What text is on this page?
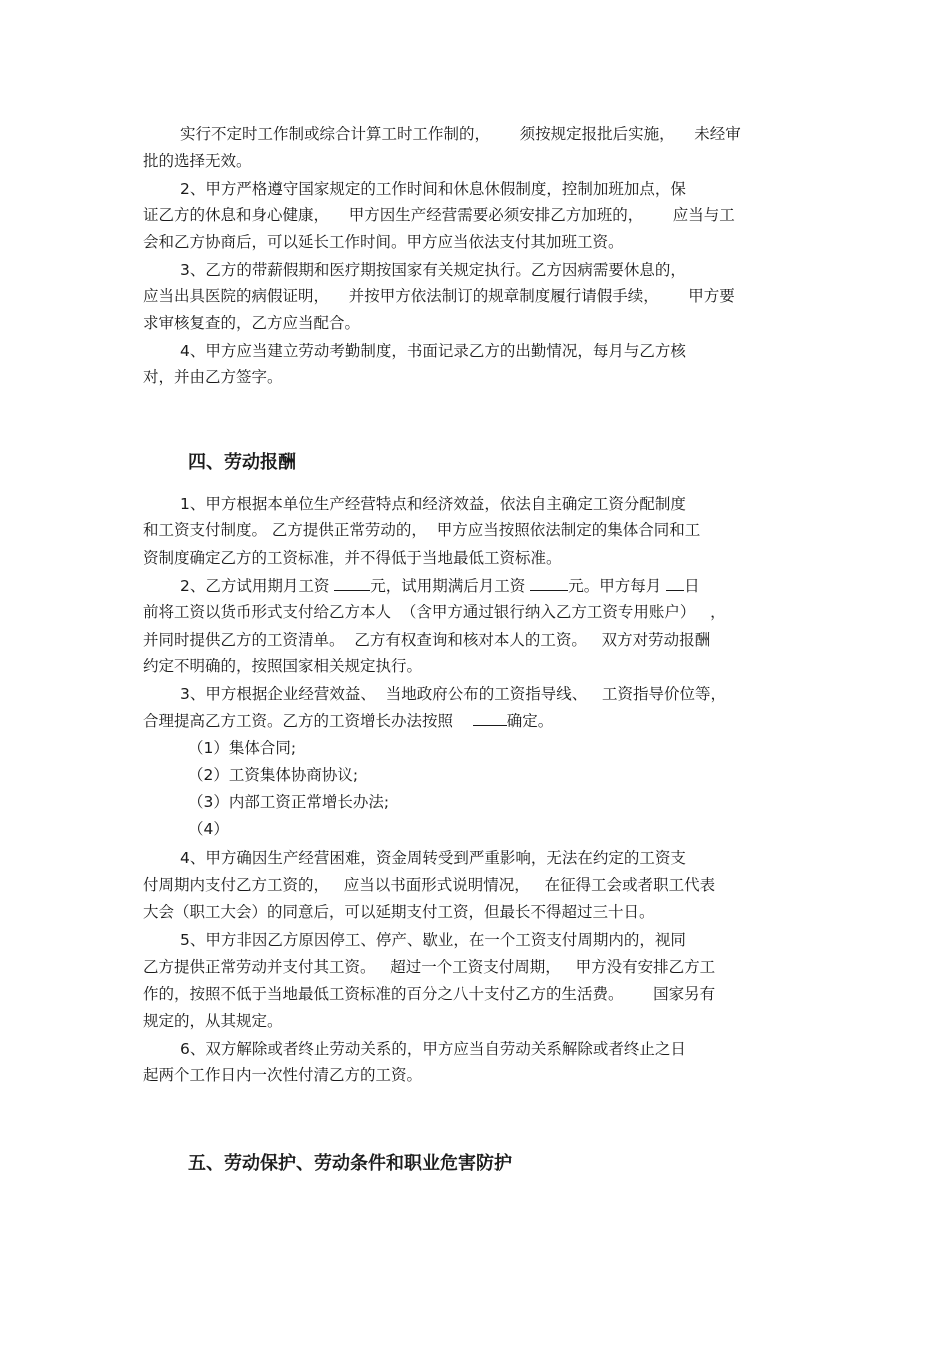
实行不定时工作制或综合计算工时工作制的，      须按规定报批后实施，    未经审

批的选择无效。

2、甲方严格遵守国家规定的工作时间和休息休假制度，控制加班加点，保

证乙方的休息和身心健康，    甲方因生产经营需要必须安排乙方加班的，      应当与工

会和乙方协商后，可以延长工作时间。甲方应当依法支付其加班工资。

3、乙方的带薪假期和医疗期按国家有关规定执行。乙方因病需要休息的，

应当出具医院的病假证明，    并按甲方依法制订的规章制度履行请假手续，      甲方要

求审核复查的，乙方应当配合。

4、甲方应当建立劳动考勤制度，书面记录乙方的出勤情况，每月与乙方核

对，并由乙方签字。

四、劳动报酬

1、甲方根据本单位生产经营特点和经济效益，依法自主确定工资分配制度

和工资支付制度。 乙方提供正常劳动的，  甲方应当按照依法制定的集体合同和工

资制度确定乙方的工资标准，并不得低于当地最低工资标准。

2、乙方试用期月工资 元，试用期满后月工资 元。甲方每月 日

前将工资以货币形式支付给乙方本人  （含甲方通过银行纳入乙方工资专用账户）   ，

并同时提供乙方的工资清单。  乙方有权查询和核对本人的工资。   双方对劳动报酬

约定不明确的，按照国家相关规定执行。

3、甲方根据企业经营效益、  当地政府公布的工资指导线、   工资指导价位等，

合理提高乙方工资。乙方的工资增长办法按照    确定。

（1）集体合同;

（2）工资集体协商协议;

（3）内部工资正常增长办法;

（4）

4、甲方确因生产经营困难，资金周转受到严重影响，无法在约定的工资支

付周期内支付乙方工资的，   应当以书面形式说明情况，   在征得工会或者职工代表

大会（职工大会）的同意后，可以延期支付工资，但最长不得超过三十日。

5、甲方非因乙方原因停工、停产、歇业，在一个工资支付周期内的，视同

乙方提供正常劳动并支付其工资。   超过一个工资支付周期，   甲方没有安排乙方工

作的，按照不低于当地最低工资标准的百分之八十支付乙方的生活费。      国家另有

规定的，从其规定。

6、双方解除或者终止劳动关系的，甲方应当自劳动关系解除或者终止之日

起两个工作日内一次性付清乙方的工资。

五、劳动保护、劳动条件和职业危害防护
